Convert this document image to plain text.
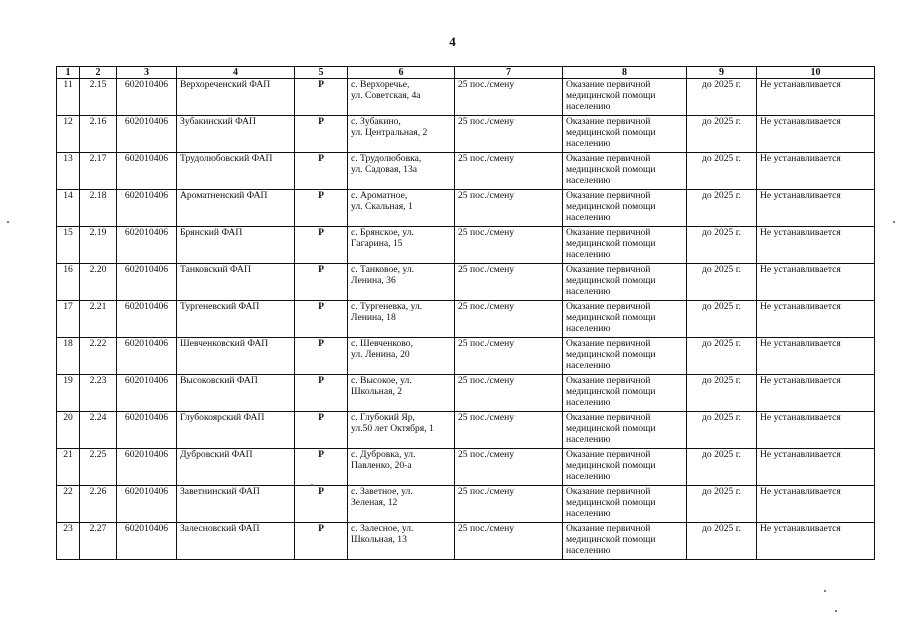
4
1	2	3	4	5	6	7	8	9	10
11	2.15	602010406	Верхореченский ФАП	Р	с. Верхоречье,
ул. Советская, 4а	25 пос./смену	Оказание первичной
медицинской помощи
населению	до 2025 г.	Не устанавливается
12	2.16	602010406	Зубакинский ФАП	Р	с. Зубакино,
ул. Центральная, 2	25 пос./смену	Оказание первичной
медицинской помощи
населению	до 2025 г.	Не устанавливается
13	2.17	602010406	Трудолюбовский ФАП	Р	с. Трудолюбовка,
ул. Садовая, 13а	25 пос./смену	Оказание первичной
медицинской помощи
населению	до 2025 г.	Не устанавливается
14	2.18	602010406	Ароматненский ФАП	Р	с. Ароматное,
ул. Скальная, 1	25 пос./смену	Оказание первичной
медицинской помощи
населению	до 2025 г.	Не устанавливается
15	2.19	602010406	Брянский ФАП	Р	с. Брянское, ул.
Гагарина, 15	25 пос./смену	Оказание первичной
медицинской помощи
населению	до 2025 г.	Не устанавливается
16	2.20	602010406	Танковский ФАП	Р	с. Танковое, ул.
Ленина, 36	25 пос./смену	Оказание первичной
медицинской помощи
населению	до 2025 г.	Не устанавливается
17	2.21	602010406	Тургеневский ФАП	Р	с. Тургеневка, ул.
Ленина, 18	25 пос./смену	Оказание первичной
медицинской помощи
населению	до 2025 г.	Не устанавливается
18	2.22	602010406	Шевченковский ФАП	Р	с. Шевченково,
ул. Ленина, 20	25 пос./смену	Оказание первичной
медицинской помощи
населению	до 2025 г.	Не устанавливается
19	2.23	602010406	Высоковский ФАП	Р	с. Высокое, ул.
Школьная, 2	25 пос./смену	Оказание первичной
медицинской помощи
населению	до 2025 г.	Не устанавливается
20	2.24	602010406	Глубокоярский ФАП	Р	с. Глубокий Яр,
ул.50 лет Октября, 1	25 пос./смену	Оказание первичной
медицинской помощи
населению	до 2025 г.	Не устанавливается
21	2.25	602010406	Дубровский ФАП	Р	с. Дубровка, ул.
Павленко, 20-а	25 пос./смену	Оказание первичной
медицинской помощи
населению	до 2025 г.	Не устанавливается
22	2.26	602010406	Заветнинский ФАП	Р	с. Заветное, ул.
Зеленая, 12	25 пос./смену	Оказание первичной
медицинской помощи
населению	до 2025 г.	Не устанавливается
23	2.27	602010406	Залесновский ФАП	Р	с. Залесное, ул.
Школьная, 13	25 пос./смену	Оказание первичной
медицинской помощи
населению	до 2025 г.	Не устанавливается
